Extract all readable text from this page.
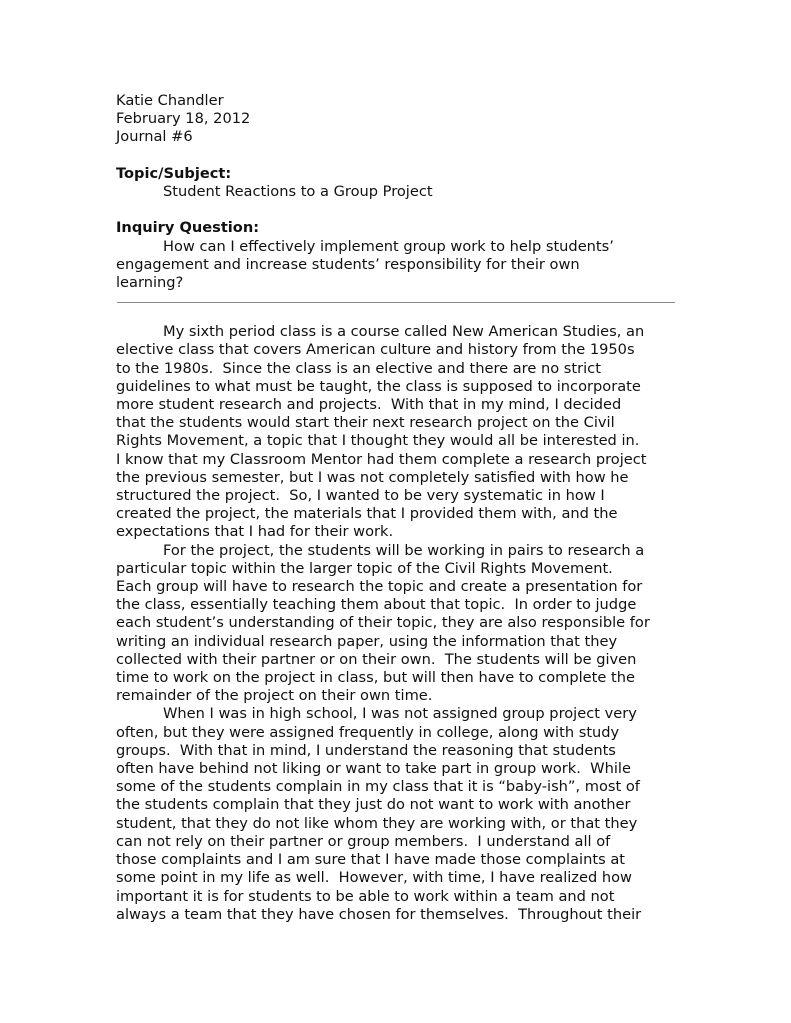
Katie Chandler
February 18, 2012
Journal #6
Topic/Subject:
Student Reactions to a Group Project
Inquiry Question:
How can I effectively implement group work to help students’
engagement and increase students’ responsibility for their own
learning?
My sixth period class is a course called New American Studies, an
elective class that covers American culture and history from the 1950s
to the 1980s.  Since the class is an elective and there are no strict
guidelines to what must be taught, the class is supposed to incorporate
more student research and projects.  With that in my mind, I decided
that the students would start their next research project on the Civil
Rights Movement, a topic that I thought they would all be interested in.
I know that my Classroom Mentor had them complete a research project
the previous semester, but I was not completely satisfied with how he
structured the project.  So, I wanted to be very systematic in how I
created the project, the materials that I provided them with, and the
expectations that I had for their work.
For the project, the students will be working in pairs to research a
particular topic within the larger topic of the Civil Rights Movement.
Each group will have to research the topic and create a presentation for
the class, essentially teaching them about that topic.  In order to judge
each student’s understanding of their topic, they are also responsible for
writing an individual research paper, using the information that they
collected with their partner or on their own.  The students will be given
time to work on the project in class, but will then have to complete the
remainder of the project on their own time.
When I was in high school, I was not assigned group project very
often, but they were assigned frequently in college, along with study
groups.  With that in mind, I understand the reasoning that students
often have behind not liking or want to take part in group work.  While
some of the students complain in my class that it is “baby-ish”, most of
the students complain that they just do not want to work with another
student, that they do not like whom they are working with, or that they
can not rely on their partner or group members.  I understand all of
those complaints and I am sure that I have made those complaints at
some point in my life as well.  However, with time, I have realized how
important it is for students to be able to work within a team and not
always a team that they have chosen for themselves.  Throughout their
